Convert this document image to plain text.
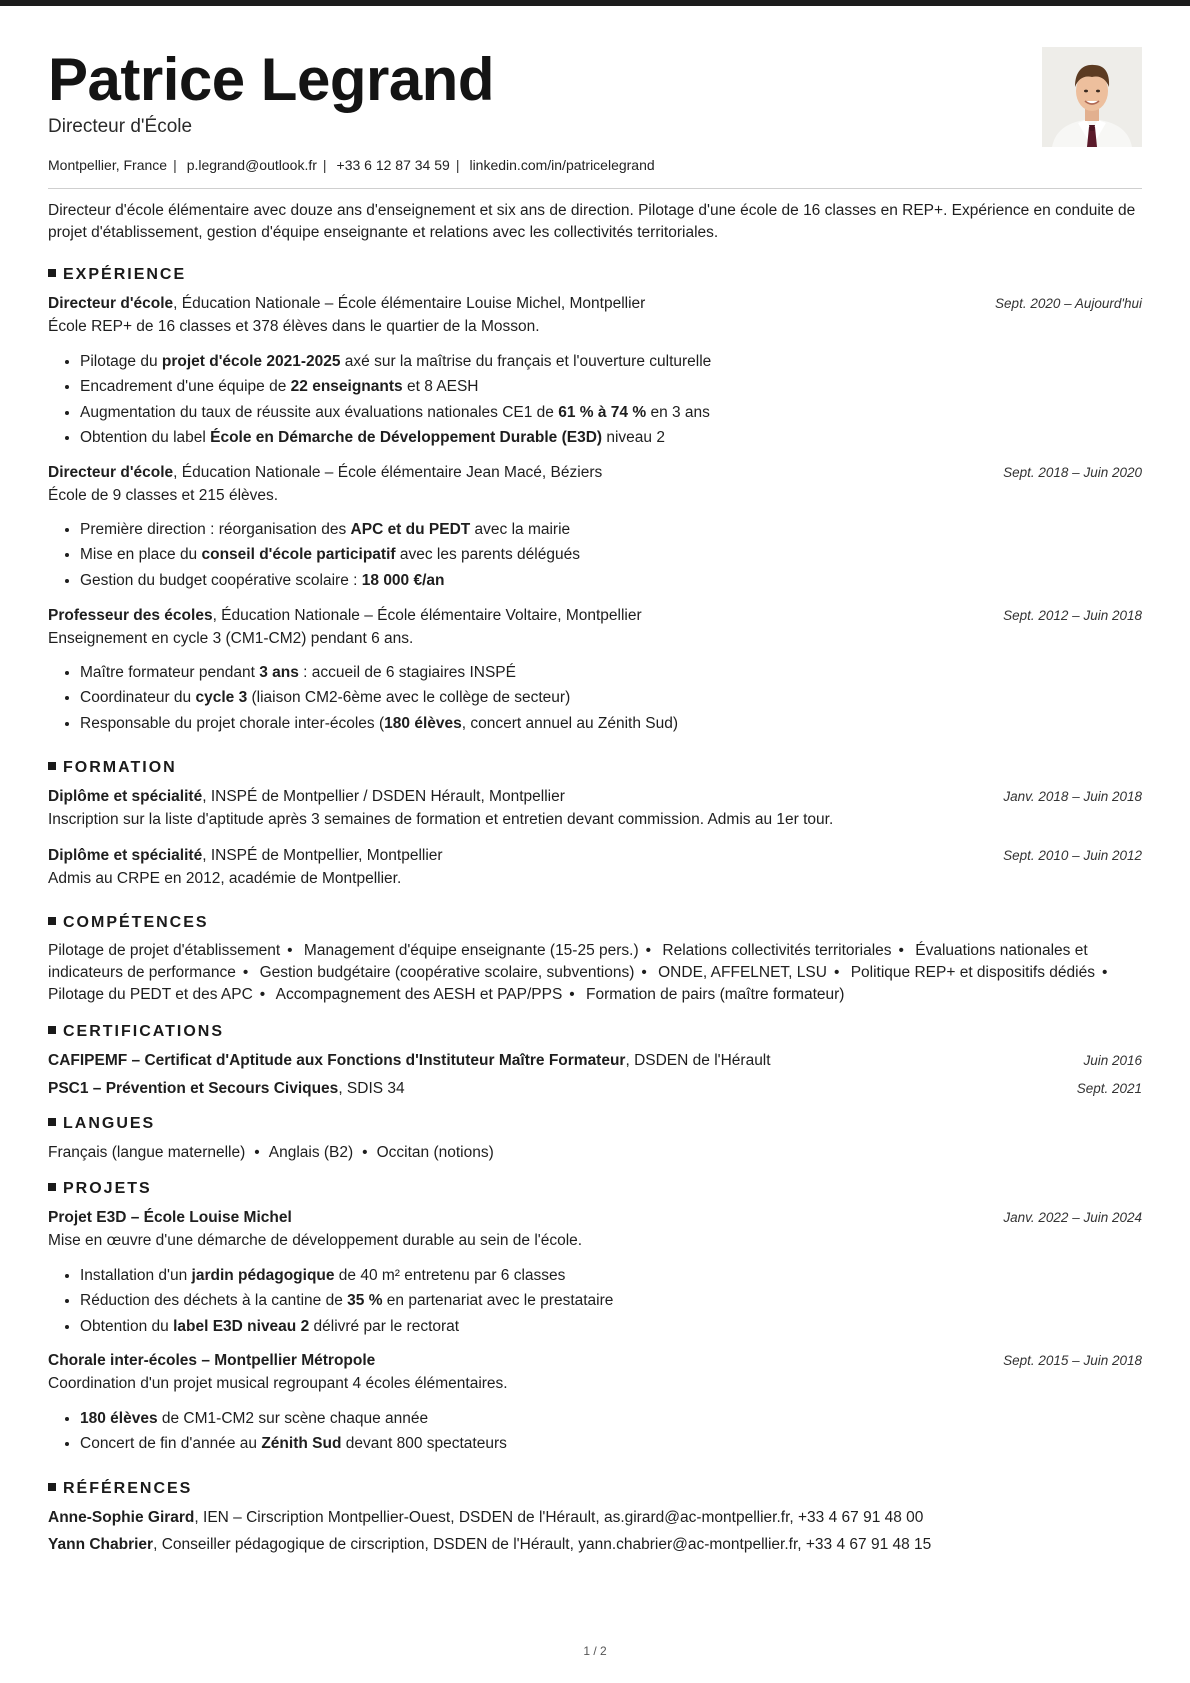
Patrice Legrand
Directeur d'École
Montpellier, France | p.legrand@outlook.fr | +33 6 12 87 34 59 | linkedin.com/in/patricelegrand
Directeur d'école élémentaire avec douze ans d'enseignement et six ans de direction. Pilotage d'une école de 16 classes en REP+. Expérience en conduite de projet d'établissement, gestion d'équipe enseignante et relations avec les collectivités territoriales.
EXPÉRIENCE
Directeur d'école, Éducation Nationale – École élémentaire Louise Michel, Montpellier	Sept. 2020 – Aujourd'hui
École REP+ de 16 classes et 378 élèves dans le quartier de la Mosson.
• Pilotage du projet d'école 2021-2025 axé sur la maîtrise du français et l'ouverture culturelle
• Encadrement d'une équipe de 22 enseignants et 8 AESH
• Augmentation du taux de réussite aux évaluations nationales CE1 de 61 % à 74 % en 3 ans
• Obtention du label École en Démarche de Développement Durable (E3D) niveau 2
Directeur d'école, Éducation Nationale – École élémentaire Jean Macé, Béziers	Sept. 2018 – Juin 2020
École de 9 classes et 215 élèves.
• Première direction : réorganisation des APC et du PEDT avec la mairie
• Mise en place du conseil d'école participatif avec les parents délégués
• Gestion du budget coopérative scolaire : 18 000 €/an
Professeur des écoles, Éducation Nationale – École élémentaire Voltaire, Montpellier	Sept. 2012 – Juin 2018
Enseignement en cycle 3 (CM1-CM2) pendant 6 ans.
• Maître formateur pendant 3 ans : accueil de 6 stagiaires INSPÉ
• Coordinateur du cycle 3 (liaison CM2-6ème avec le collège de secteur)
• Responsable du projet chorale inter-écoles (180 élèves, concert annuel au Zénith Sud)
FORMATION
Diplôme et spécialité, INSPÉ de Montpellier / DSDEN Hérault, Montpellier	Janv. 2018 – Juin 2018
Inscription sur la liste d'aptitude après 3 semaines de formation et entretien devant commission. Admis au 1er tour.
Diplôme et spécialité, INSPÉ de Montpellier, Montpellier	Sept. 2010 – Juin 2012
Admis au CRPE en 2012, académie de Montpellier.
COMPÉTENCES
Pilotage de projet d'établissement • Management d'équipe enseignante (15-25 pers.) • Relations collectivités territoriales • Évaluations nationales et indicateurs de performance • Gestion budgétaire (coopérative scolaire, subventions) • ONDE, AFFELNET, LSU • Politique REP+ et dispositifs dédiés • Pilotage du PEDT et des APC • Accompagnement des AESH et PAP/PPS • Formation de pairs (maître formateur)
CERTIFICATIONS
CAFIPEMF – Certificat d'Aptitude aux Fonctions d'Instituteur Maître Formateur, DSDEN de l'Hérault	Juin 2016
PSC1 – Prévention et Secours Civiques, SDIS 34	Sept. 2021
LANGUES
Français (langue maternelle) • Anglais (B2) • Occitan (notions)
PROJETS
Projet E3D – École Louise Michel	Janv. 2022 – Juin 2024
Mise en œuvre d'une démarche de développement durable au sein de l'école.
• Installation d'un jardin pédagogique de 40 m² entretenu par 6 classes
• Réduction des déchets à la cantine de 35 % en partenariat avec le prestataire
• Obtention du label E3D niveau 2 délivré par le rectorat
Chorale inter-écoles – Montpellier Métropole	Sept. 2015 – Juin 2018
Coordination d'un projet musical regroupant 4 écoles élémentaires.
• 180 élèves de CM1-CM2 sur scène chaque année
• Concert de fin d'année au Zénith Sud devant 800 spectateurs
RÉFÉRENCES
Anne-Sophie Girard, IEN – Cirscription Montpellier-Ouest, DSDEN de l'Hérault, as.girard@ac-montpellier.fr, +33 4 67 91 48 00
Yann Chabrier, Conseiller pédagogique de cirscription, DSDEN de l'Hérault, yann.chabrier@ac-montpellier.fr, +33 4 67 91 48 15
1 / 2
